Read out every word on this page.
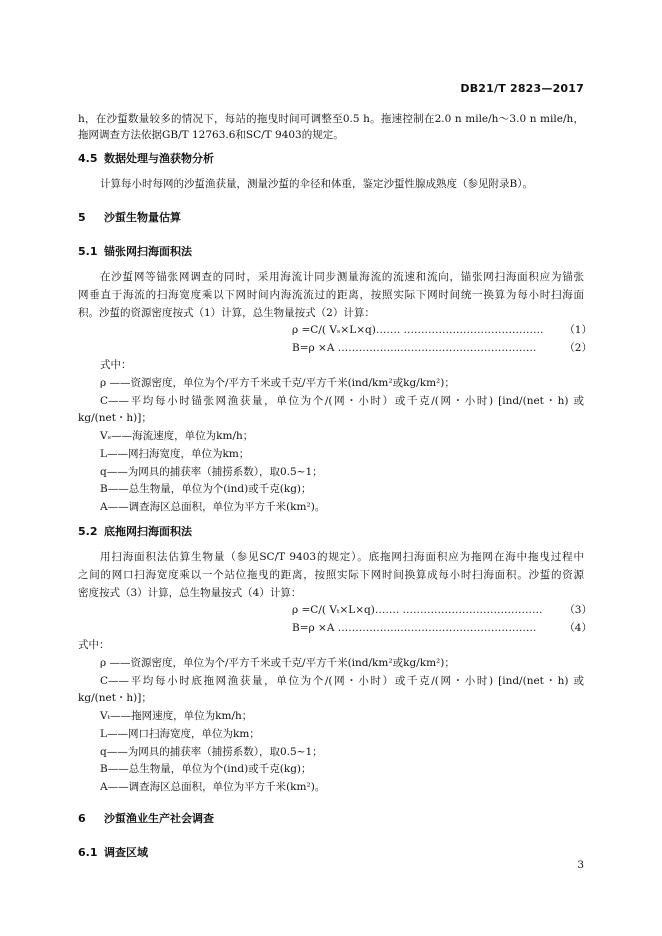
DB21/T 2823—2017
h，在沙蜇数量较多的情况下，每站的拖曳时间可调整至0.5 h。拖速控制在2.0 n mile/h～3.0 n mile/h，
拖网调查方法依据GB/T 12763.6和SC/T 9403的规定。
4.5 数据处理与渔获物分析
计算每小时每网的沙蜇渔获量，测量沙蜇的伞径和体重，鉴定沙蜇性腺成熟度（参见附录B）。
5 沙蜇生物量估算
5.1 锚张网扫海面积法
在沙蜇网等锚张网调查的同时，采用海流计同步测量海流的流速和流向，锚张网扫海面积应为锚张
网垂直于海流的扫海宽度乘以下网时间内海流流过的距离，按照实际下网时间统一换算为每小时扫海面
积。沙蜇的资源密度按式（1）计算，总生物量按式（2）计算：
ρ =C/( Vₛ×L×q)……. …………………………………. （1）
B=ρ ×A ……………...………..……………………….	（2）
式中：
ρ ——资源密度，单位为个/平方千米或千克/平方千米(ind/km²或kg/km²)；
C——平均每小时锚张网渔获量，单位为个/(网・小时）或千克/(网・小时) [ind/(net・h) 或
kg/(net・h)]；
Vₛ——海流速度，单位为km/h；
L——网扫海宽度，单位为km；
q——为网具的捕获率（捕捞系数），取0.5~1；
B——总生物量，单位为个(ind)或千克(kg)；
A——调查海区总面积，单位为平方千米(km²)。
5.2 底拖网扫海面积法
用扫海面积法估算生物量（参见SC/T 9403的规定）。底拖网扫海面积应为拖网在海中拖曳过程中
之间的网口扫海宽度乘以一个站位拖曳的距离，按照实际下网时间换算成每小时扫海面积。沙蜇的资源
密度按式（3）计算，总生物量按式（4）计算：
ρ =C/( Vₜ×L×q)……. …………………………………. （3）
B=ρ ×A ……………...………..……………………….	（4）
式中：
ρ ——资源密度，单位为个/平方千米或千克/平方千米(ind/km²或kg/km²)；
C——平均每小时底拖网渔获量，单位为个/(网・小时）或千克/(网・小时) [ind/(net・h) 或
kg/(net・h)]；
Vₜ——拖网速度，单位为km/h；
L——网口扫海宽度，单位为km；
q——为网具的捕获率（捕捞系数），取0.5~1；
B——总生物量，单位为个(ind)或千克(kg)；
A——调查海区总面积，单位为平方千米(km²)。
6 沙蜇渔业生产社会调查
6.1 调查区域
3
